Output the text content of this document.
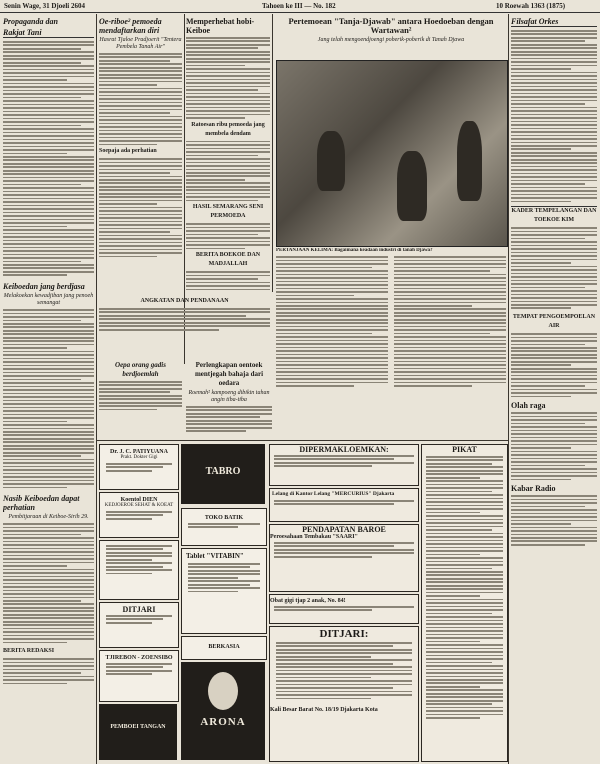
Senin Wage, 31 Djoeli 2604	Tahoen ke III — No. 182	10 Roewah 1363 (1875)
Propaganda dan
Rakjat Tani
Keiboedan jang berdjasa
Melakoekan kewadjiban jang penoeh semangat
Nasib Keiboedan dapat perhatian
Pembitjaraan di Keiboe-Sirih 29.
BERITA REDAKSI
Oe-riboe² pemoeda mendaftarkan diri
Hasrat Tjaloe Pradjoerit "Tentera Pembela Tanah Air"
Soepaja ada perhatian
Memperhebat hobi-Keiboe
Ratoesan ribu pemoeda jang membela dendam
HASIL SEMARANG SENI PERMOEDA
BERITA BOEKOE DAN MADJALLAH
ANGKATAN DAN PENDANAAN
Oepa orang gadis berdjoemlah
Pertemoean "Tanja-Djawab" antara Hoedoeban dengan Wartawan²
Jang telah mengoendjoengi poberik-poberik di Tanah Djawa
PERTANJAAN KELIMA: Bagaimana keadaan industri di tanah Djawa?
Perlengkapan oentoek mentjegah bahaja dari oedara
Roemah² kampoeng dibikin tahan angin tiba-tiba
Filsafat Orkes
KADER TEMPELANGAN DAN TOEKOE KIM
TEMPAT PENGOEMPOELAN AIR
Olah raga
Kabar Radio
Dr. J. C. PATIYUANA
Prakt. Dokter Gigi
Koentol DIEN
KEDJOEROE SEHAT & KOEAT
DITJARI
TJIREBON - ZOENSIBO
PEMBOEI TANGAN
TABRO
TOKO BATIK
Tablet "VITABIN"
BERKASIA
ARONA
DIPERMAKLOEMKAN:
Lelang di Kantor Lelang "MERCURIUS" Djakarta
PENDAPATAN BAROE
Peroesahaan Tembakau "SAARI"
Obat gigi tjap 2 anak, No. 84!
DITJARI:
Kali Besar Barat No. 18/19 Djakarta Kota
PIKAT
